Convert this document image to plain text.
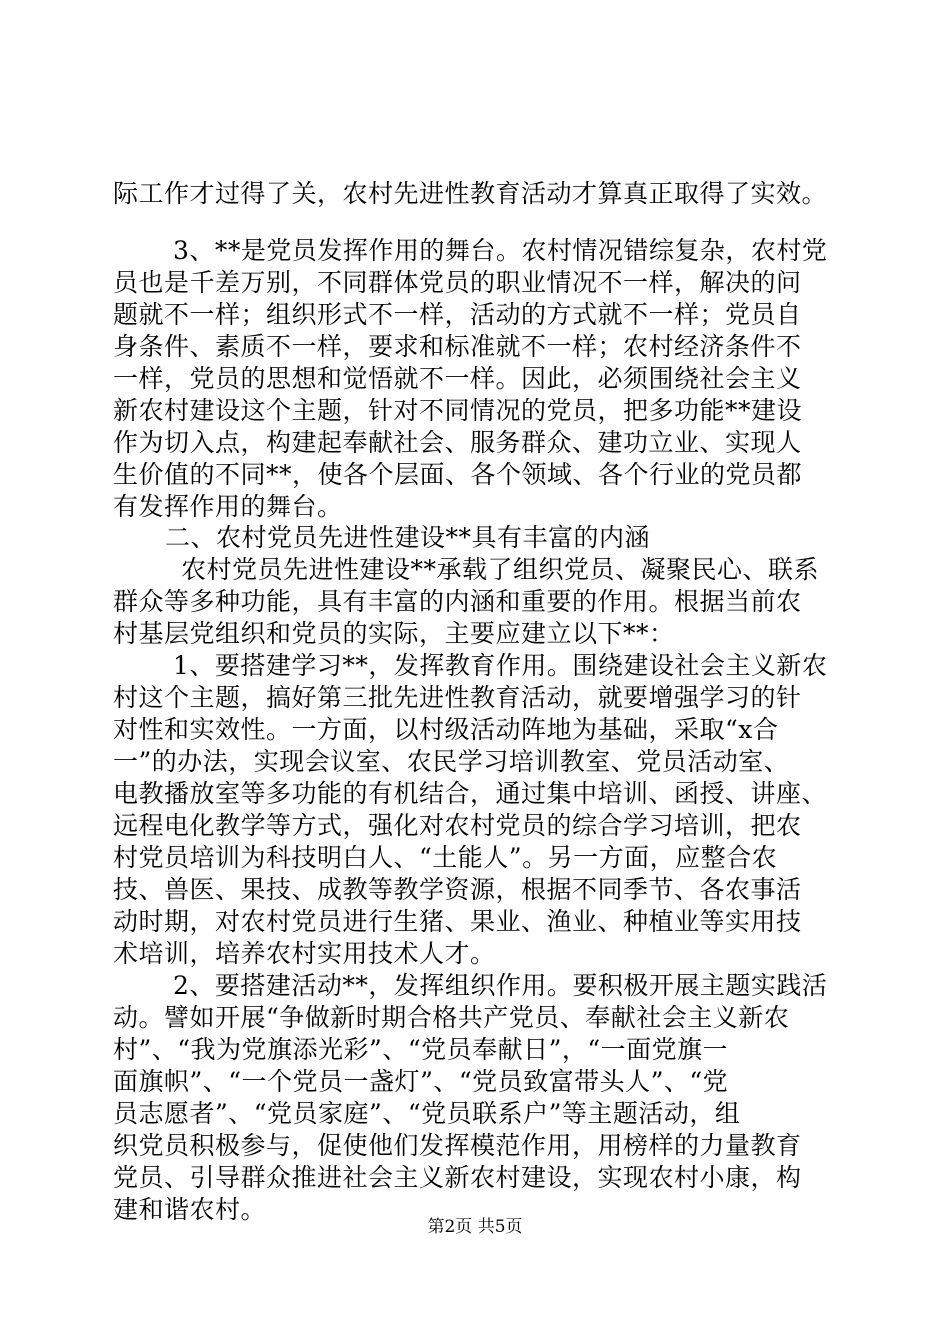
际工作才过得了关，农村先进性教育活动才算真正取得了实效。
3、**是党员发挥作用的舞台。农村情况错综复杂，农村党
员也是千差万别，不同群体党员的职业情况不一样，解决的问
题就不一样；组织形式不一样，活动的方式就不一样；党员自
身条件、素质不一样，要求和标准就不一样；农村经济条件不
一样，党员的思想和觉悟就不一样。因此，必须围绕社会主义
新农村建设这个主题，针对不同情况的党员，把多功能**建设
作为切入点，构建起奉献社会、服务群众、建功立业、实现人
生价值的不同**，使各个层面、各个领域、各个行业的党员都
有发挥作用的舞台。
二、农村党员先进性建设**具有丰富的内涵
农村党员先进性建设**承载了组织党员、凝聚民心、联系
群众等多种功能，具有丰富的内涵和重要的作用。根据当前农
村基层党组织和党员的实际，主要应建立以下**：
1、要搭建学习**，发挥教育作用。围绕建设社会主义新农
村这个主题，搞好第三批先进性教育活动，就要增强学习的针
对性和实效性。一方面，以村级活动阵地为基础，采取“x合
一”的办法，实现会议室、农民学习培训教室、党员活动室、
电教播放室等多功能的有机结合，通过集中培训、函授、讲座、
远程电化教学等方式，强化对农村党员的综合学习培训，把农
村党员培训为科技明白人、“土能人”。另一方面，应整合农
技、兽医、果技、成教等教学资源，根据不同季节、各农事活
动时期，对农村党员进行生猪、果业、渔业、种植业等实用技
术培训，培养农村实用技术人才。
2、要搭建活动**，发挥组织作用。要积极开展主题实践活
动。譬如开展“争做新时期合格共产党员、奉献社会主义新农
村”、“我为党旗添光彩”、“党员奉献日”，“一面党旗一
面旗帜”、“一个党员一盏灯”、“党员致富带头人”、“党
员志愿者”、“党员家庭”、“党员联系户”等主题活动，组
织党员积极参与，促使他们发挥模范作用，用榜样的力量教育
党员、引导群众推进社会主义新农村建设，实现农村小康，构
建和谐农村。
第2页 共5页
